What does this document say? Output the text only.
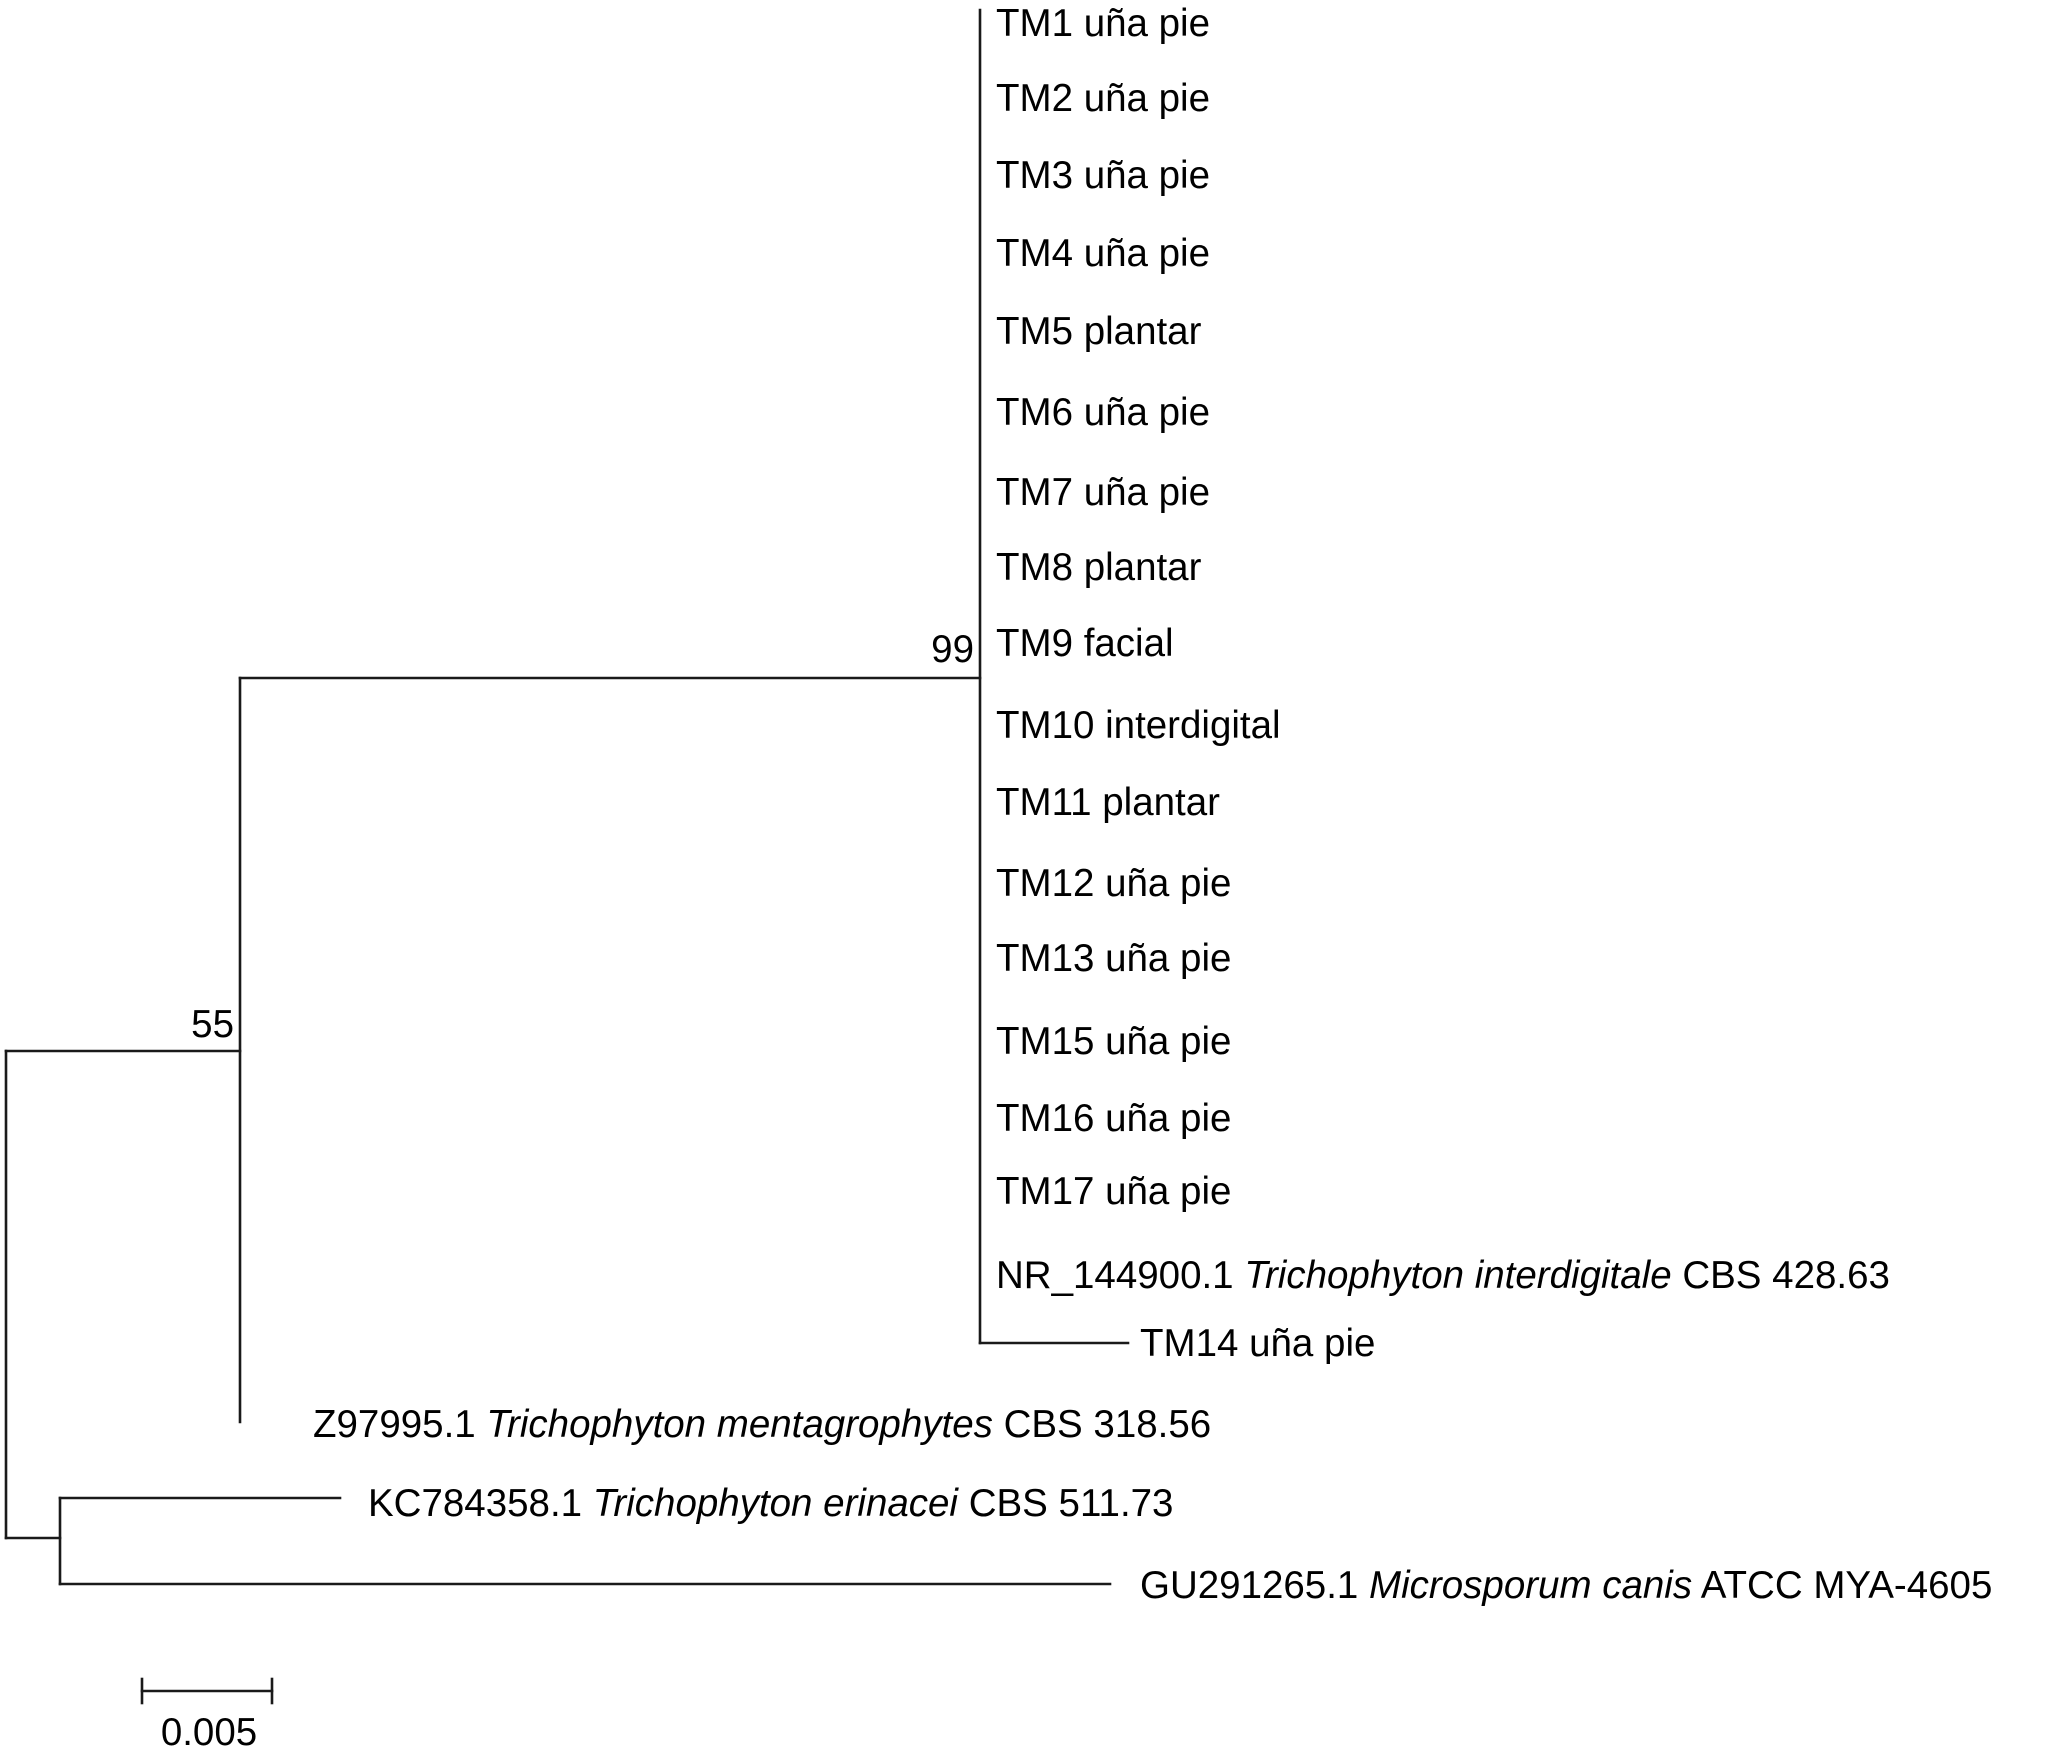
99
55
TM1 uña pie
TM2 uña pie
TM3 uña pie
TM4 uña pie
TM5 plantar
TM6 uña pie
TM7 uña pie
TM8 plantar
TM9 facial
TM10 interdigital
TM11 plantar
TM12 uña pie
TM13 uña pie
TM15 uña pie
TM16 uña pie
TM17 uña pie
NR_144900.1 Trichophyton interdigitale CBS 428.63
TM14 uña pie
Z97995.1 Trichophyton mentagrophytes CBS 318.56
KC784358.1 Trichophyton erinacei CBS 511.73
GU291265.1 Microsporum canis ATCC MYA-4605
0.005
